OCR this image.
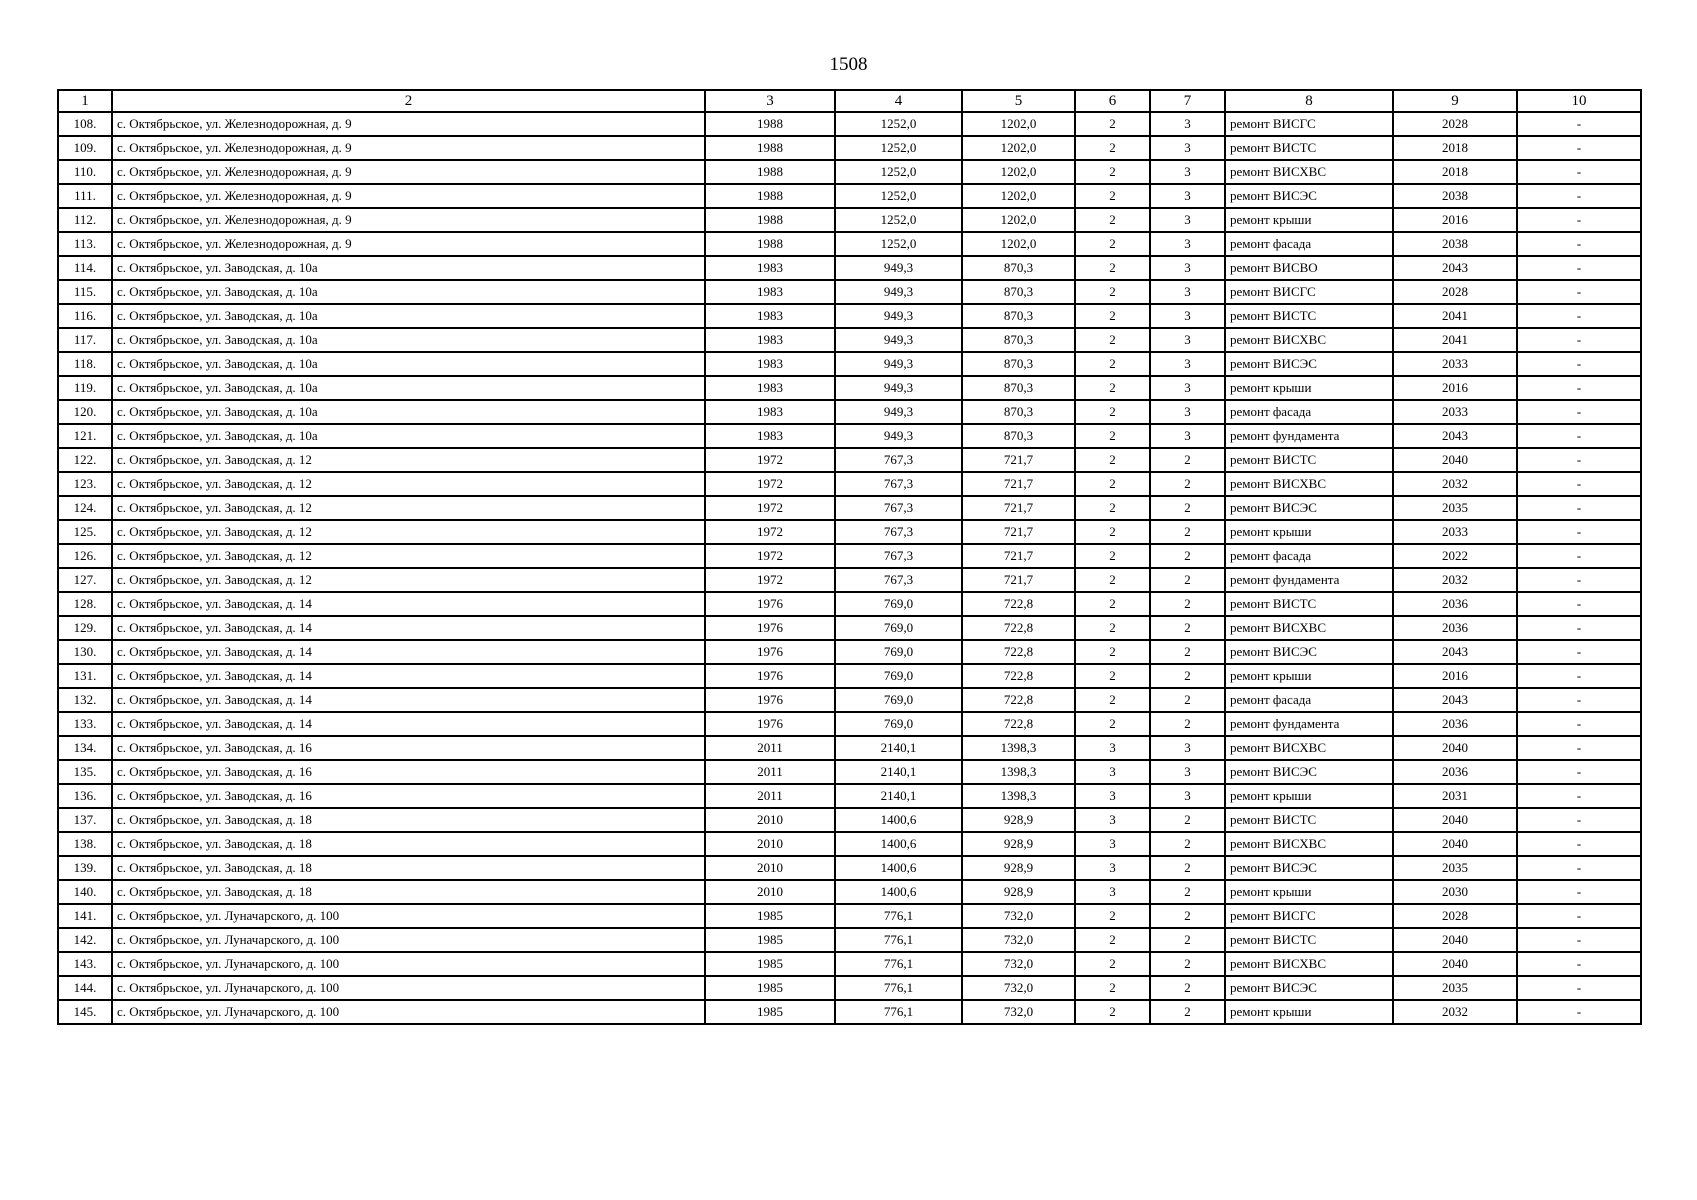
1508
1	2	3	4	5	6	7	8	9	10
108.	с. Октябрьское, ул. Железнодорожная, д. 9	1988	1252,0	1202,0	2	3	ремонт ВИСГС	2028	-
109.	с. Октябрьское, ул. Железнодорожная, д. 9	1988	1252,0	1202,0	2	3	ремонт ВИСТС	2018	-
110.	с. Октябрьское, ул. Железнодорожная, д. 9	1988	1252,0	1202,0	2	3	ремонт ВИСХВС	2018	-
111.	с. Октябрьское, ул. Железнодорожная, д. 9	1988	1252,0	1202,0	2	3	ремонт ВИСЭС	2038	-
112.	с. Октябрьское, ул. Железнодорожная, д. 9	1988	1252,0	1202,0	2	3	ремонт крыши	2016	-
113.	с. Октябрьское, ул. Железнодорожная, д. 9	1988	1252,0	1202,0	2	3	ремонт фасада	2038	-
114.	с. Октябрьское, ул. Заводская, д. 10а	1983	949,3	870,3	2	3	ремонт ВИСВО	2043	-
115.	с. Октябрьское, ул. Заводская, д. 10а	1983	949,3	870,3	2	3	ремонт ВИСГС	2028	-
116.	с. Октябрьское, ул. Заводская, д. 10а	1983	949,3	870,3	2	3	ремонт ВИСТС	2041	-
117.	с. Октябрьское, ул. Заводская, д. 10а	1983	949,3	870,3	2	3	ремонт ВИСХВС	2041	-
118.	с. Октябрьское, ул. Заводская, д. 10а	1983	949,3	870,3	2	3	ремонт ВИСЭС	2033	-
119.	с. Октябрьское, ул. Заводская, д. 10а	1983	949,3	870,3	2	3	ремонт крыши	2016	-
120.	с. Октябрьское, ул. Заводская, д. 10а	1983	949,3	870,3	2	3	ремонт фасада	2033	-
121.	с. Октябрьское, ул. Заводская, д. 10а	1983	949,3	870,3	2	3	ремонт фундамента	2043	-
122.	с. Октябрьское, ул. Заводская, д. 12	1972	767,3	721,7	2	2	ремонт ВИСТС	2040	-
123.	с. Октябрьское, ул. Заводская, д. 12	1972	767,3	721,7	2	2	ремонт ВИСХВС	2032	-
124.	с. Октябрьское, ул. Заводская, д. 12	1972	767,3	721,7	2	2	ремонт ВИСЭС	2035	-
125.	с. Октябрьское, ул. Заводская, д. 12	1972	767,3	721,7	2	2	ремонт крыши	2033	-
126.	с. Октябрьское, ул. Заводская, д. 12	1972	767,3	721,7	2	2	ремонт фасада	2022	-
127.	с. Октябрьское, ул. Заводская, д. 12	1972	767,3	721,7	2	2	ремонт фундамента	2032	-
128.	с. Октябрьское, ул. Заводская, д. 14	1976	769,0	722,8	2	2	ремонт ВИСТС	2036	-
129.	с. Октябрьское, ул. Заводская, д. 14	1976	769,0	722,8	2	2	ремонт ВИСХВС	2036	-
130.	с. Октябрьское, ул. Заводская, д. 14	1976	769,0	722,8	2	2	ремонт ВИСЭС	2043	-
131.	с. Октябрьское, ул. Заводская, д. 14	1976	769,0	722,8	2	2	ремонт крыши	2016	-
132.	с. Октябрьское, ул. Заводская, д. 14	1976	769,0	722,8	2	2	ремонт фасада	2043	-
133.	с. Октябрьское, ул. Заводская, д. 14	1976	769,0	722,8	2	2	ремонт фундамента	2036	-
134.	с. Октябрьское, ул. Заводская, д. 16	2011	2140,1	1398,3	3	3	ремонт ВИСХВС	2040	-
135.	с. Октябрьское, ул. Заводская, д. 16	2011	2140,1	1398,3	3	3	ремонт ВИСЭС	2036	-
136.	с. Октябрьское, ул. Заводская, д. 16	2011	2140,1	1398,3	3	3	ремонт крыши	2031	-
137.	с. Октябрьское, ул. Заводская, д. 18	2010	1400,6	928,9	3	2	ремонт ВИСТС	2040	-
138.	с. Октябрьское, ул. Заводская, д. 18	2010	1400,6	928,9	3	2	ремонт ВИСХВС	2040	-
139.	с. Октябрьское, ул. Заводская, д. 18	2010	1400,6	928,9	3	2	ремонт ВИСЭС	2035	-
140.	с. Октябрьское, ул. Заводская, д. 18	2010	1400,6	928,9	3	2	ремонт крыши	2030	-
141.	с. Октябрьское, ул. Луначарского, д. 100	1985	776,1	732,0	2	2	ремонт ВИСГС	2028	-
142.	с. Октябрьское, ул. Луначарского, д. 100	1985	776,1	732,0	2	2	ремонт ВИСТС	2040	-
143.	с. Октябрьское, ул. Луначарского, д. 100	1985	776,1	732,0	2	2	ремонт ВИСХВС	2040	-
144.	с. Октябрьское, ул. Луначарского, д. 100	1985	776,1	732,0	2	2	ремонт ВИСЭС	2035	-
145.	с. Октябрьское, ул. Луначарского, д. 100	1985	776,1	732,0	2	2	ремонт крыши	2032	-
